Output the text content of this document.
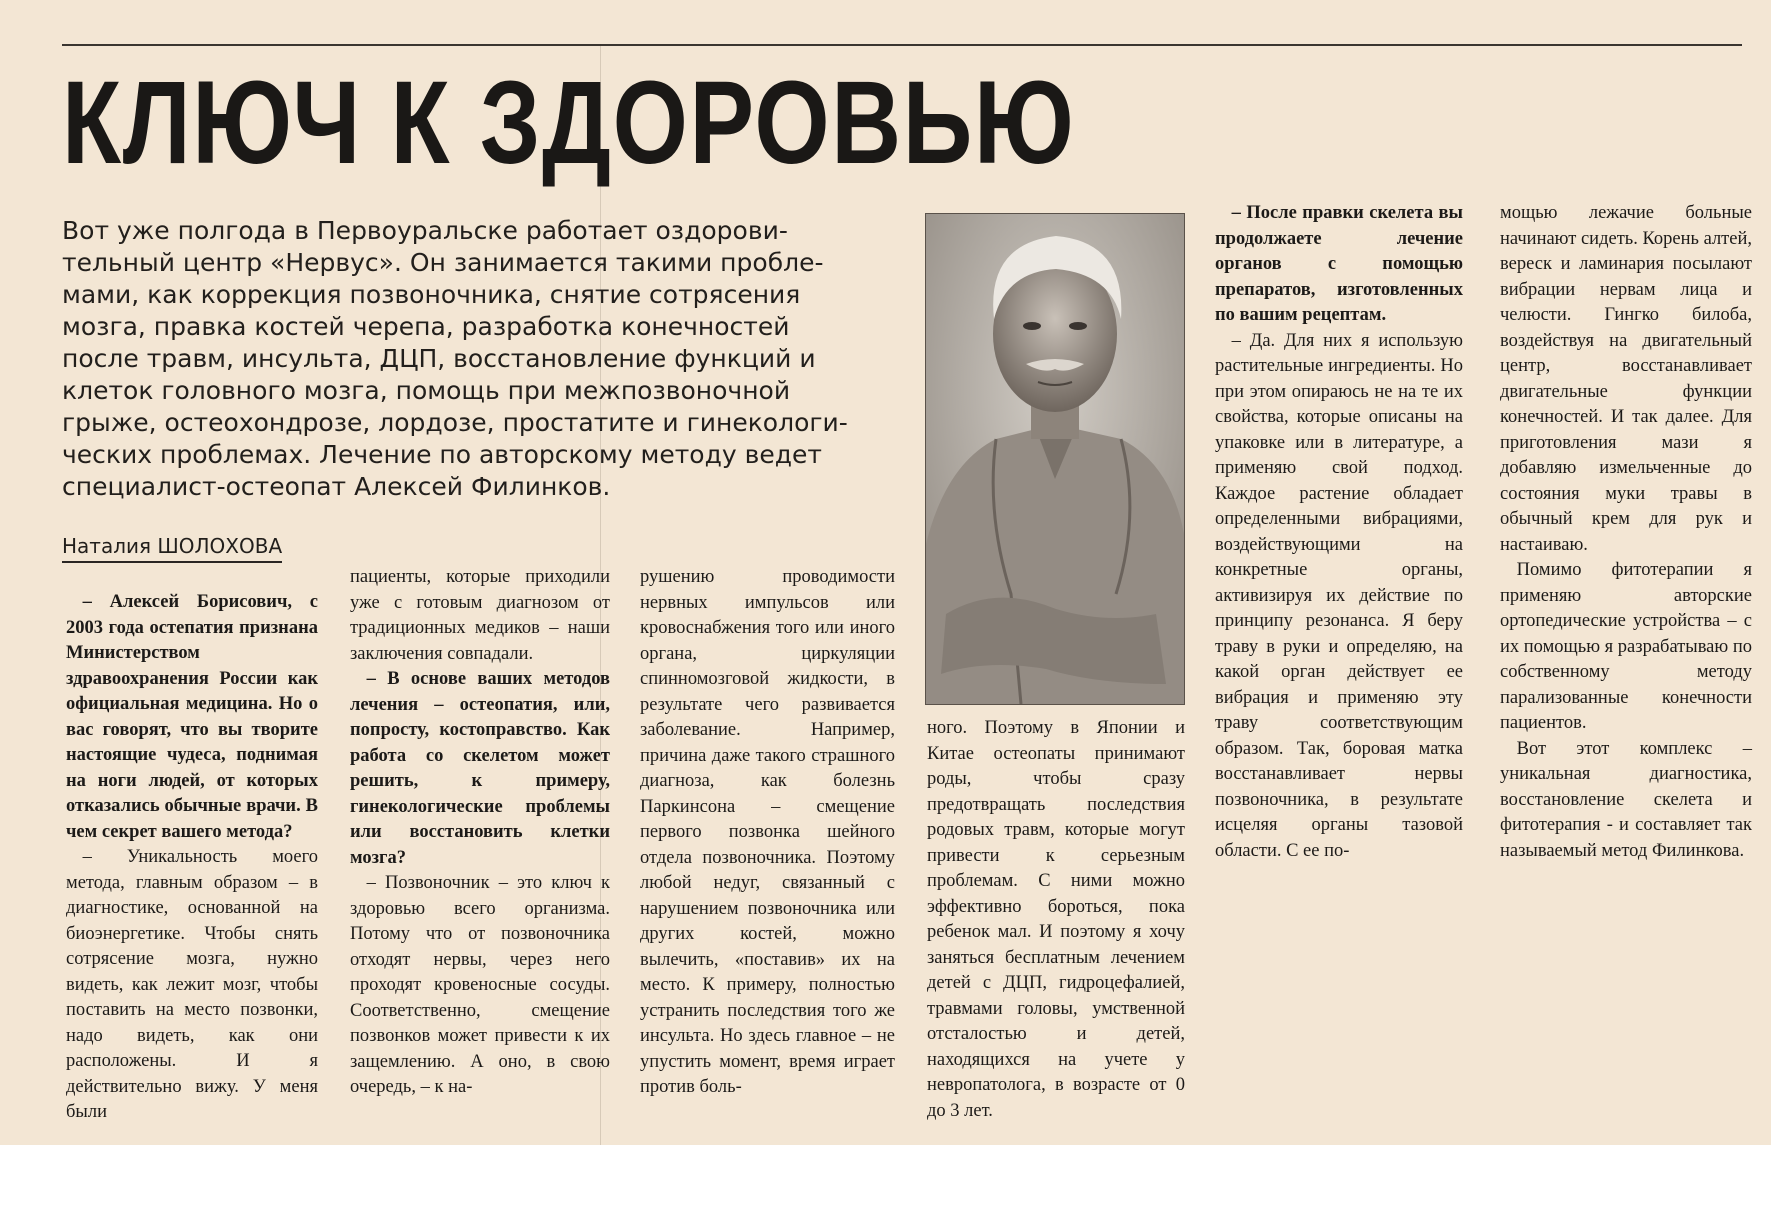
КЛЮЧ К ЗДОРОВЬЮ
Вот уже полгода в Первоуральске работает оздорови-
тельный центр «Нервус». Он занимается такими пробле-
мами, как коррекция позвоночника, снятие сотрясения
мозга, правка костей черепа, разработка конечностей
после травм, инсульта, ДЦП, восстановление функций и
клеток головного мозга, помощь при межпозвоночной
грыже, остеохондрозе, лордозе, простатите и гинекологи-
ческих проблемах. Лечение по авторскому методу ведет
специалист-остеопат Алексей Филинков.
Наталия ШОЛОХОВА

– Алексей Борисович, с 2003 года остепатия признана Министерством здравоохранения России как официальная медицина. Но о вас говорят, что вы творите настоящие чудеса, поднимая на ноги людей, от которых отказались обычные врачи. В чем секрет вашего метода?

– Уникальность моего метода, главным образом – в диагностике, основанной на биоэнергетике. Чтобы снять сотрясение мозга, нужно видеть, как лежит мозг, чтобы поставить на место позвонки, надо видеть, как они расположены. И я действительно вижу. У меня были

пациенты, которые приходили уже с готовым диагнозом от традиционных медиков – наши заключения совпадали.

– В основе ваших методов лечения – остеопатия, или, попросту, костоправство. Как работа со скелетом может решить, к примеру, гинекологические проблемы или восстановить клетки мозга?

– Позвоночник – это ключ к здоровью всего организма. Потому что от позвоночника отходят нервы, через него проходят кровеносные сосуды. Соответственно, смещение позвонков может привести к их защемлению. А оно, в свою очередь, – к на-

рушению проводимости нервных импульсов или кровоснабжения того или иного органа, циркуляции спинномозговой жидкости, в результате чего развивается заболевание. Например, причина даже такого страшного диагноза, как болезнь Паркинсона – смещение первого позвонка шейного отдела позвоночника. Поэтому любой недуг, связанный с нарушением позвоночника или других костей, можно вылечить, «поставив» их на место. К примеру, полностью устранить последствия того же инсульта. Но здесь главное – не упустить момент, время играет против боль-

ного. Поэтому в Японии и Китае остеопаты принимают роды, чтобы сразу предотвращать последствия родовых травм, которые могут привести к серьезным проблемам. С ними можно эффективно бороться, пока ребенок мал. И поэтому я хочу заняться бесплатным лечением детей с ДЦП, гидроцефалией, травмами головы, умственной отсталостью и детей, находящихся на учете у невропатолога, в возрасте от 0 до 3 лет.

– После правки скелета вы продолжаете лечение органов с помощью препаратов, изготовленных по вашим рецептам.

– Да. Для них я использую растительные ингредиенты. Но при этом опираюсь не на те их свойства, которые описаны на упаковке или в литературе, а применяю свой подход. Каждое растение обладает определенными вибрациями, воздействующими на конкретные органы, активизируя их действие по принципу резонанса. Я беру траву в руки и определяю, на какой орган действует ее вибрация и применяю эту траву соответствующим образом. Так, боровая матка восстанавливает нервы позвоночника, в результате исцеляя органы тазовой области. С ее по-

мощью лежачие больные начинают сидеть. Корень алтей, вереск и ламинария посылают вибрации нервам лица и челюсти. Гингко билоба, воздействуя на двигательный центр, восстанавливает двигательные функции конечностей. И так далее. Для приготовления мази я добавляю измельченные до состояния муки травы в обычный крем для рук и настаиваю.

Помимо фитотерапии я применяю авторские ортопедические устройства – с их помощью я разрабатываю по собственному методу парализованные конечности пациентов.

Вот этот комплекс – уникальная диагностика, восстановление скелета и фитотерапия - и составляет так называемый метод Филинкова.
